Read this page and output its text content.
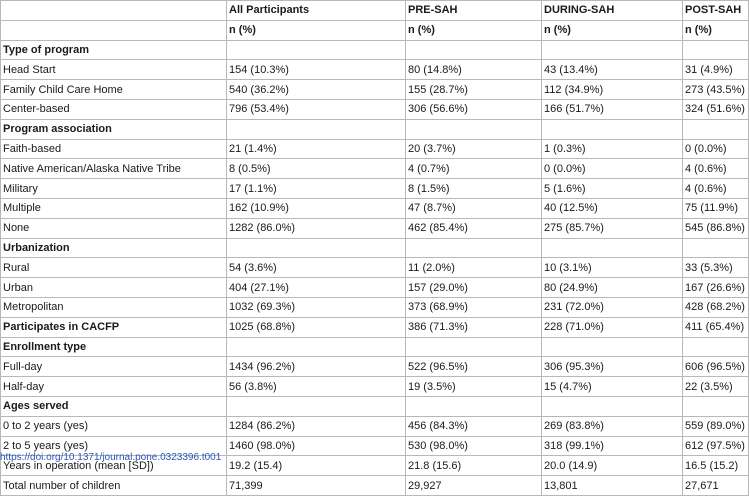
	All Participants	PRE-SAH	DURING-SAH	POST-SAH
	n (%)	n (%)	n (%)	n (%)
Type of program				
Head Start	154 (10.3%)	80 (14.8%)	43 (13.4%)	31 (4.9%)
Family Child Care Home	540 (36.2%)	155 (28.7%)	112 (34.9%)	273 (43.5%)
Center-based	796 (53.4%)	306 (56.6%)	166 (51.7%)	324 (51.6%)
Program association				
Faith-based	21 (1.4%)	20 (3.7%)	1 (0.3%)	0 (0.0%)
Native American/Alaska Native Tribe	8 (0.5%)	4 (0.7%)	0 (0.0%)	4 (0.6%)
Military	17 (1.1%)	8 (1.5%)	5 (1.6%)	4 (0.6%)
Multiple	162 (10.9%)	47 (8.7%)	40 (12.5%)	75 (11.9%)
None	1282 (86.0%)	462 (85.4%)	275 (85.7%)	545 (86.8%)
Urbanization				
Rural	54 (3.6%)	11 (2.0%)	10 (3.1%)	33 (5.3%)
Urban	404 (27.1%)	157 (29.0%)	80 (24.9%)	167 (26.6%)
Metropolitan	1032 (69.3%)	373 (68.9%)	231 (72.0%)	428 (68.2%)
Participates in CACFP	1025 (68.8%)	386 (71.3%)	228 (71.0%)	411 (65.4%)
Enrollment type				
Full-day	1434 (96.2%)	522 (96.5%)	306 (95.3%)	606 (96.5%)
Half-day	56 (3.8%)	19 (3.5%)	15 (4.7%)	22 (3.5%)
Ages served				
0 to 2 years (yes)	1284 (86.2%)	456 (84.3%)	269 (83.8%)	559 (89.0%)
2 to 5 years (yes)	1460 (98.0%)	530 (98.0%)	318 (99.1%)	612 (97.5%)
Years in operation (mean [SD])	19.2 (15.4)	21.8 (15.6)	20.0 (14.9)	16.5 (15.2)
Total number of children	71,399	29,927	13,801	27,671
https://doi.org/10.1371/journal.pone.0323396.t001
